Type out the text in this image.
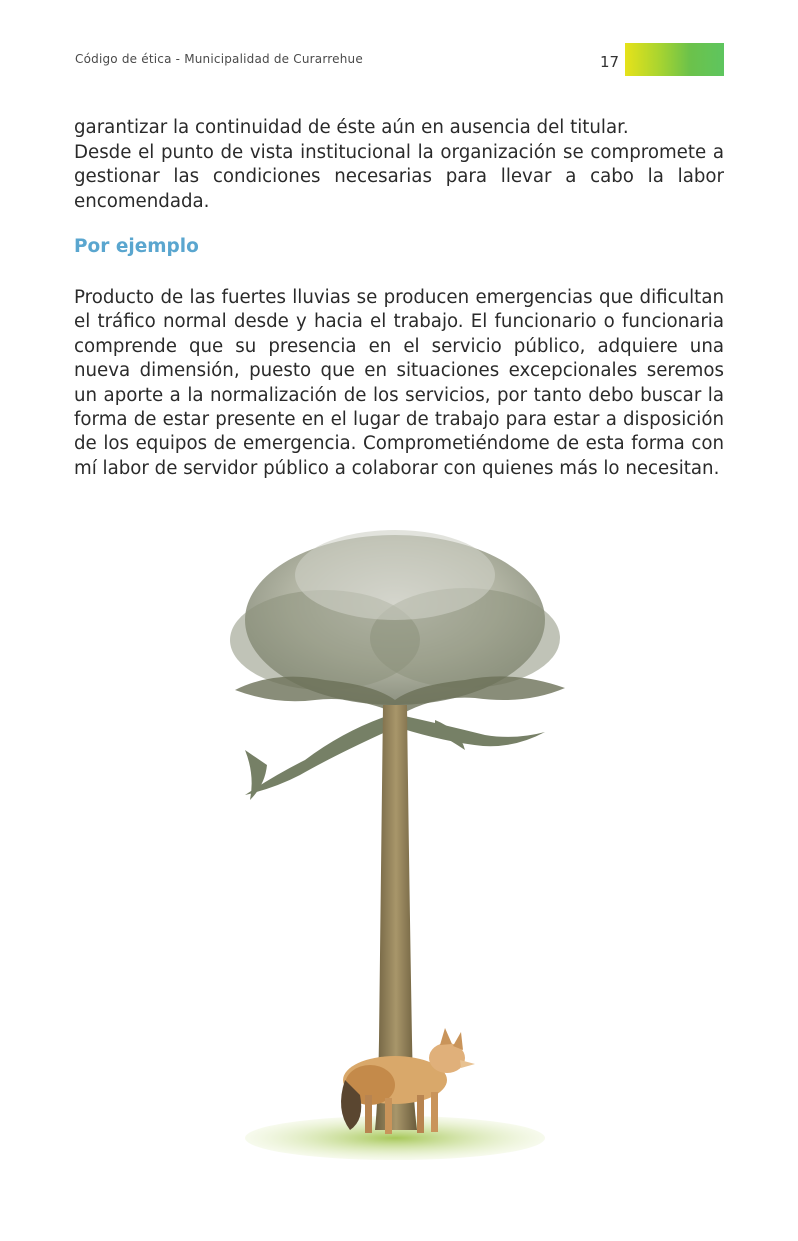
Código de ética - Municipalidad de Curarrehue	17

garantizar la continuidad de éste aún en ausencia del titular.

Desde el punto de vista institucional la organización se compromete a gestionar las condiciones necesarias para llevar a cabo la labor encomendada.

Por ejemplo

Producto de las fuertes lluvias se producen emergencias que dificultan el tráfico normal desde y hacia el trabajo. El funcionario o funcionaria comprende que su presencia en el servicio público, adquiere una nueva dimensión, puesto que en situaciones excepcionales seremos un aporte a la normalización de los servicios, por tanto debo buscar la forma de estar presente en el lugar de trabajo para estar a disposición de los equipos de emergencia. Comprometiéndome de esta forma con mí labor de servidor público a colaborar con quienes más lo necesitan.
